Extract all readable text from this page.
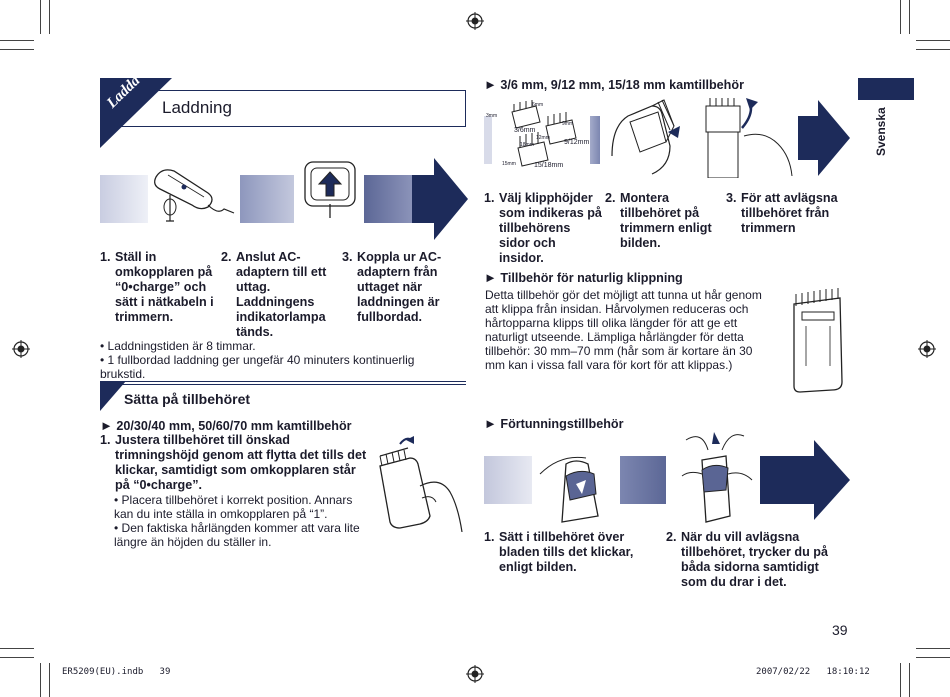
Ladda Laddning
1. Ställ in omkopplaren på “0•charge” och sätt i nätkabeln i trimmern.
2. Anslut AC-adaptern till ett uttag. Laddningens indikatorlampa tänds.
3. Koppla ur AC-adaptern från uttaget när laddningen är fullbordad.
• Laddningstiden är 8 timmar.
• 1 fullbordad laddning ger ungefär 40 minuters kontinuerlig brukstid.
Sätta på tillbehöret
► 20/30/40 mm, 50/60/70 mm kamtillbehör
1. Justera tillbehöret till önskad trimningshöjd genom att flytta det tills det klickar, samtidigt som omkopplaren står på “0•charge”.
• Placera tillbehöret i korrekt position. Annars kan du inte ställa in omkopplaren på “1”.
• Den faktiska hårlängden kommer att vara lite längre än höjden du ställer in.
Svenska
► 3/6 mm, 9/12 mm, 15/18 mm kamtillbehör
3mm
6mm
3/6mm
9mm
12mm
9/12mm
15mm
18mm
15/18mm
1. Välj klipphöjder som indikeras på tillbehörens sidor och insidor.
2. Montera tillbehöret på trimmern enligt bilden.
3. För att avlägsna tillbehöret från trimmern
► Tillbehör för naturlig klippning
Detta tillbehör gör det möjligt att tunna ut hår genom att klippa från insidan. Hårvolymen reduceras och hårtopparna klipps till olika längder för att ge ett naturligt utseende. Lämpliga hårlängder för detta tillbehör: 30 mm–70 mm (hår som är kortare än 30 mm kan i vissa fall vara för kort för att klippas.)
► Förtunningstillbehör
1. Sätt i tillbehöret över bladen tills det klickar, enligt bilden.
2. När du vill avlägsna tillbehöret, trycker du på båda sidorna samtidigt som du drar i det.
39
ER5209(EU).indb   39	2007/02/22   18:10:12
